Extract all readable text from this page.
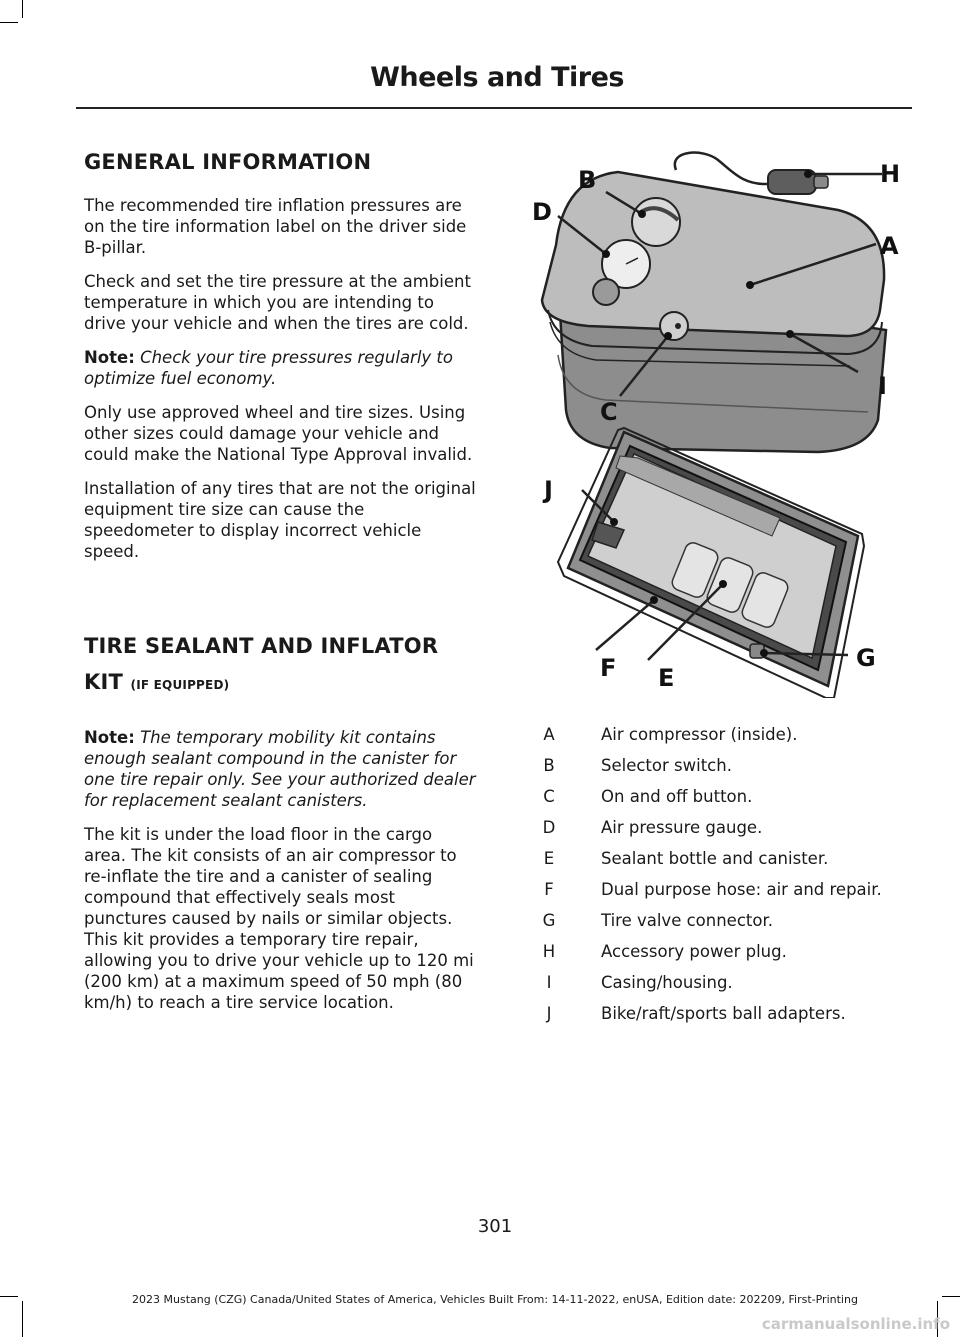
Wheels and Tires
GENERAL INFORMATION

The recommended tire inflation pressures are on the tire information label on the driver side B-pillar.

Check and set the tire pressure at the ambient temperature in which you are intending to drive your vehicle and when the tires are cold.

Note: Check your tire pressures regularly to optimize fuel economy.

Only use approved wheel and tire sizes. Using other sizes could damage your vehicle and could make the National Type Approval invalid.

Installation of any tires that are not the original equipment tire size can cause the speedometer to display incorrect vehicle speed.

TIRE SEALANT AND INFLATOR
KIT (IF EQUIPPED)

Note: The temporary mobility kit contains enough sealant compound in the canister for one tire repair only. See your authorized dealer for replacement sealant canisters.

The kit is under the load floor in the cargo area. The kit consists of an air compressor to re-inflate the tire and a canister of sealing compound that effectively seals most punctures caused by nails or similar objects. This kit provides a temporary tire repair, allowing you to drive your vehicle up to 120 mi (200 km) at a maximum speed of 50 mph (80 km/h) to reach a tire service location.

A
B
C
D
E
F	G
H
I
J
A	Air compressor (inside).
B	Selector switch.
C	On and off button.
D	Air pressure gauge.
E	Sealant bottle and canister.
F	Dual purpose hose: air and repair.
G	Tire valve connector.
H	Accessory power plug.
I	Casing/housing.
J	Bike/raft/sports ball adapters.
301
2023 Mustang (CZG) Canada/United States of America, Vehicles Built From: 14-11-2022, enUSA, Edition date: 202209, First-Printing
carmanualsonline.info
